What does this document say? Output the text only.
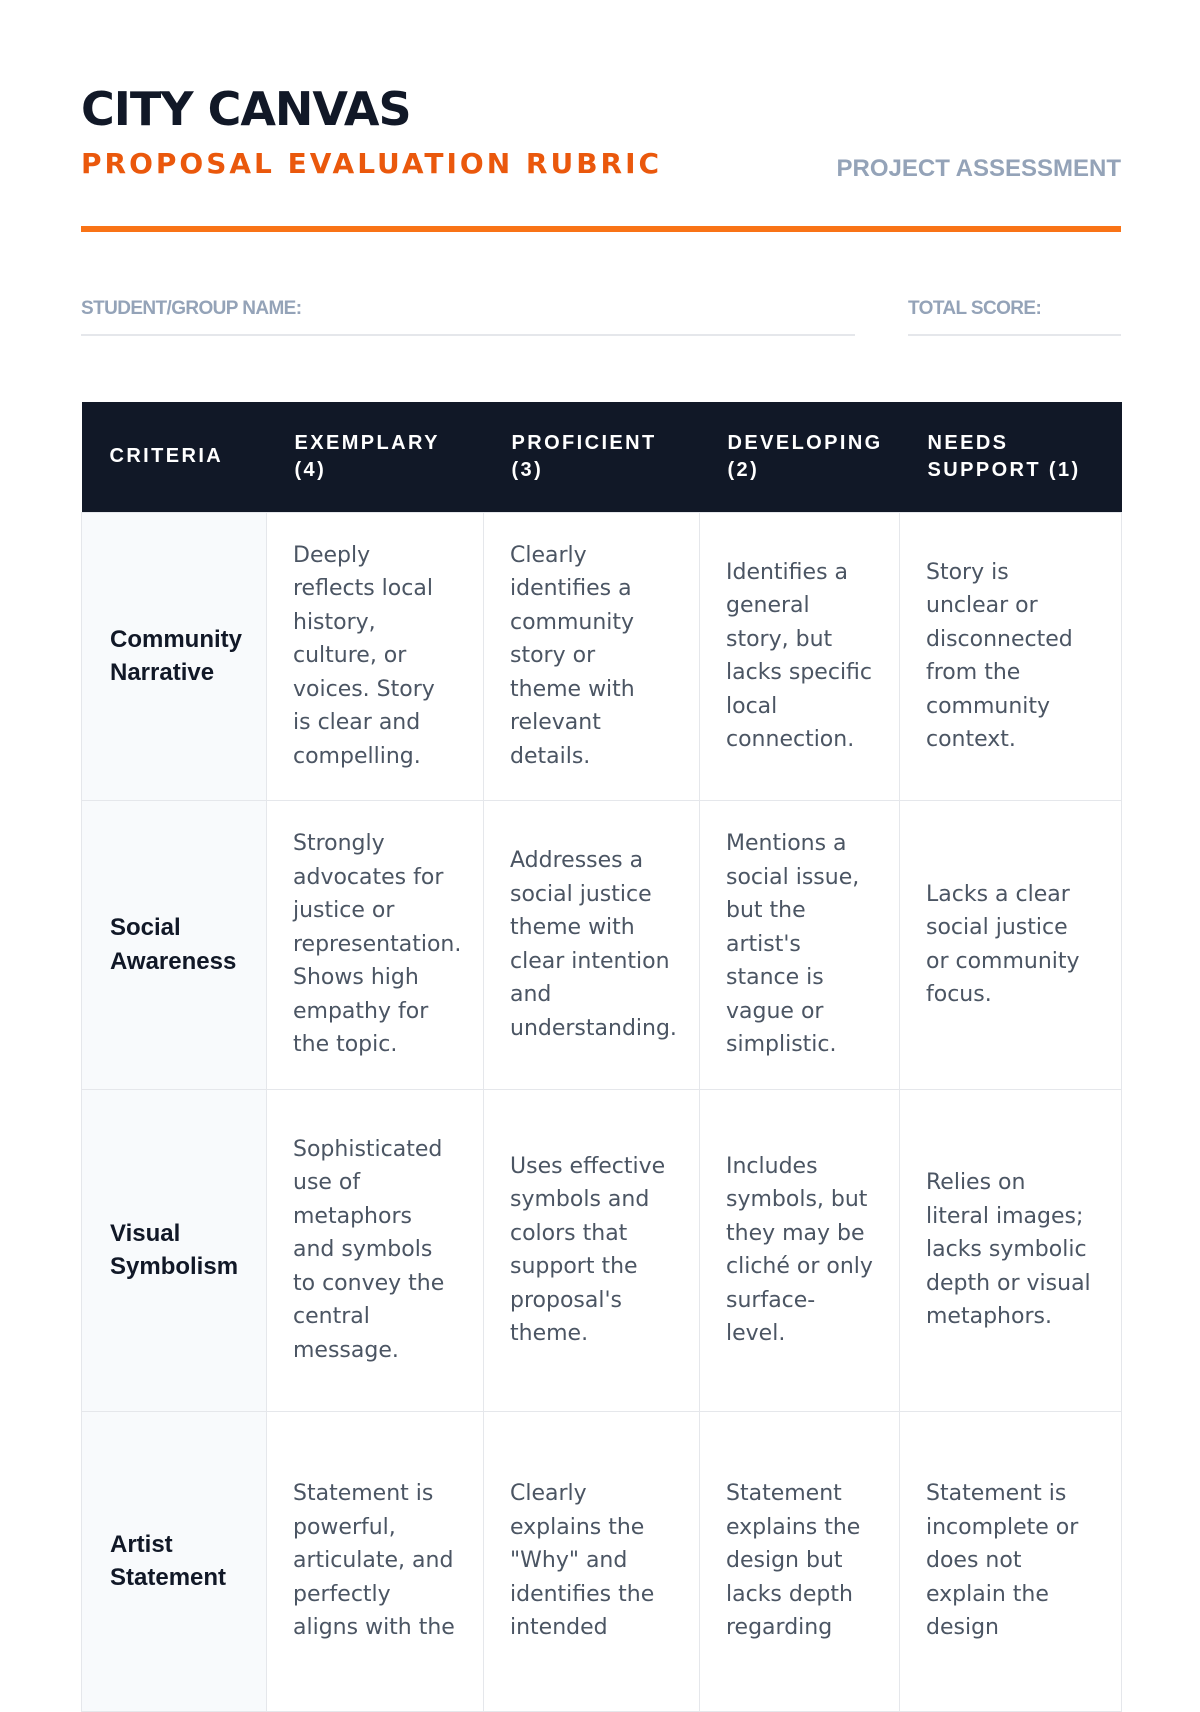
CITY CANVAS
PROPOSAL EVALUATION RUBRIC	PROJECT ASSESSMENT
STUDENT/GROUP NAME:	TOTAL SCORE:
CRITERIA	EXEMPLARY (4)	PROFICIENT (3)	DEVELOPING (2)	NEEDS SUPPORT (1)
Community Narrative	Deeply reflects local history, culture, or voices. Story is clear and compelling.	Clearly identifies a community story or theme with relevant details.	Identifies a general story, but lacks specific local connection.	Story is unclear or disconnected from the community context.
Social Awareness	Strongly advocates for justice or representation. Shows high empathy for the topic.	Addresses a social justice theme with clear intention and understanding.	Mentions a social issue, but the artist's stance is vague or simplistic.	Lacks a clear social justice or community focus.
Visual Symbolism	Sophisticated use of metaphors and symbols to convey the central message.	Uses effective symbols and colors that support the proposal's theme.	Includes symbols, but they may be cliché or only surface-level.	Relies on literal images; lacks symbolic depth or visual metaphors.
Artist Statement	Statement is powerful, articulate, and perfectly aligns with the	Clearly explains the "Why" and identifies the intended	Statement explains the design but lacks depth regarding	Statement is incomplete or does not explain the design
